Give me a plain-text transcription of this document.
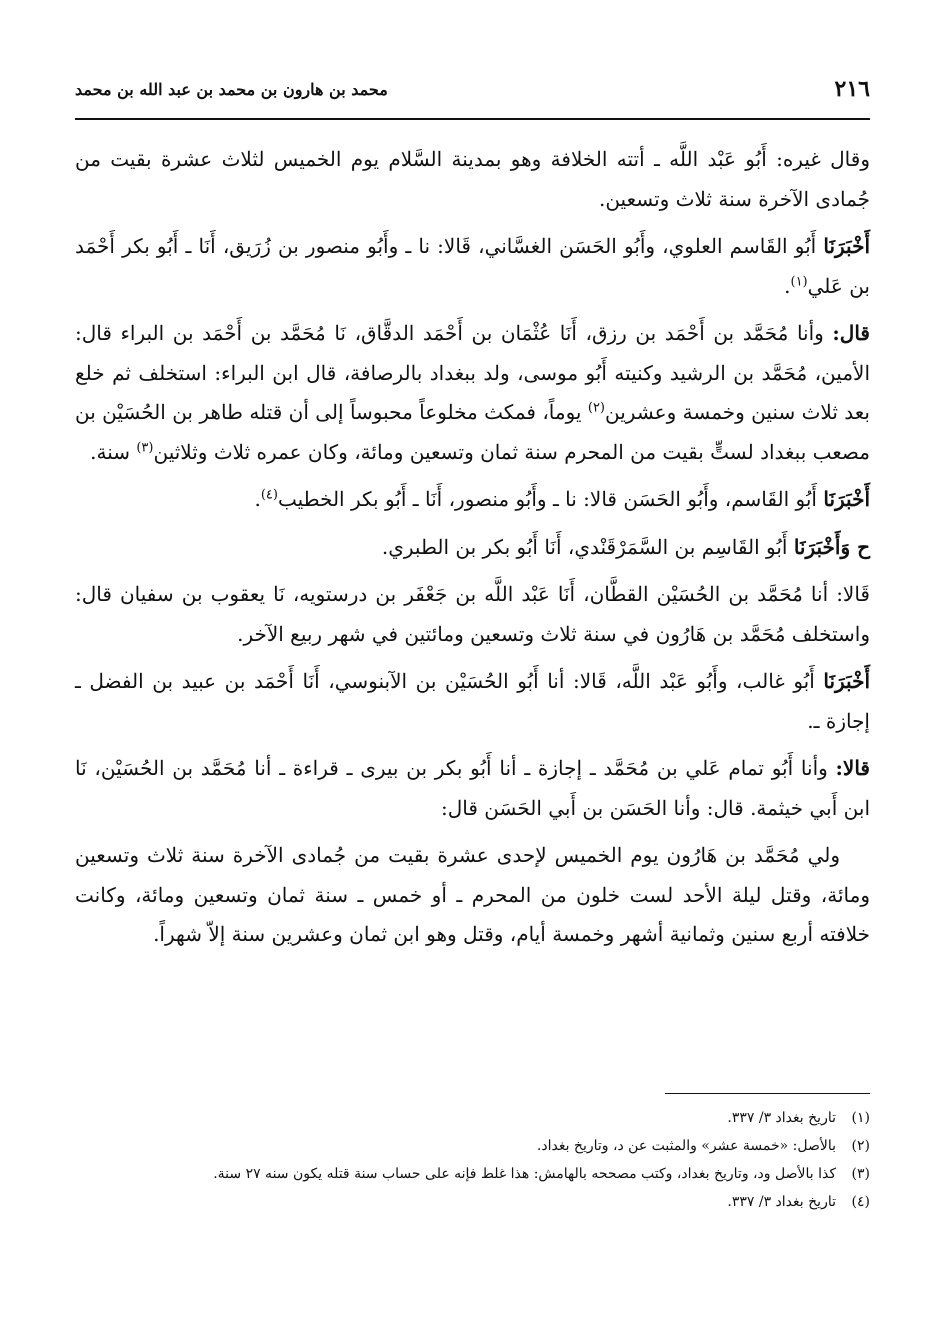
٢١٦
محمد بن هارون بن محمد بن عبد الله بن محمد

وقال غيره: أَبُو عَبْد اللَّه ـ أتته الخلافة وهو بمدينة السَّلام يوم الخميس لثلاث عشرة بقيت من جُمادى الآخرة سنة ثلاث وتسعين.

أَخْبَرَنَا أَبُو القَاسم العلوي، وأَبُو الحَسَن الغسَّاني، قَالا: نا ـ وأَبُو منصور بن زُرَيق، أَنَا ـ أَبُو بكر أَحْمَد بن عَلي$^{(١)}$.

قال: وأنا مُحَمَّد بن أَحْمَد بن رزق، أَنَا عُثْمَان بن أَحْمَد الدقَّاق، نَا مُحَمَّد بن أَحْمَد بن البراء قال: الأمين، مُحَمَّد بن الرشيد وكنيته أَبُو موسى، ولد ببغداد بالرصافة، قال ابن البراء: استخلف ثم خلع بعد ثلاث سنين وخمسة وعشرين$^{(٢)}$ يوماً، فمكث مخلوعاً محبوساً إلى أن قتله طاهر بن الحُسَيْن بن مصعب ببغداد لستٍّ بقيت من المحرم سنة ثمان وتسعين ومائة، وكان عمره ثلاث وثلاثين$^{(٣)}$ سنة.

أَخْبَرَنَا أَبُو القَاسم، وأَبُو الحَسَن قالا: نا ـ وأَبُو منصور، أَنَا ـ أَبُو بكر الخطيب$^{(٤)}$.

ح وَأَخْبَرَنَا أَبُو القَاسِم بن السَّمَرْقَنْدي، أَنَا أَبُو بكر بن الطبري.

قَالا: أنا مُحَمَّد بن الحُسَيْن القطَّان، أَنَا عَبْد اللَّه بن جَعْفَر بن درستويه، نَا يعقوب بن سفيان قال: واستخلف مُحَمَّد بن هَارُون في سنة ثلاث وتسعين ومائتين في شهر ربيع الآخر.

أَخْبَرَنَا أَبُو غالب، وأَبُو عَبْد اللَّه، قَالا: أنا أَبُو الحُسَيْن بن الآبنوسي، أَنَا أَحْمَد بن عبيد بن الفضل ـ إجازة ـ.

قالا: وأنا أَبُو تمام عَلي بن مُحَمَّد ـ إجازة ـ أنا أَبُو بكر بن بيرى ـ قراءة ـ أنا مُحَمَّد بن الحُسَيْن، نَا ابن أَبي خيثمة. قال: وأنا الحَسَن بن أَبي الحَسَن قال:

ولي مُحَمَّد بن هَارُون يوم الخميس لإحدى عشرة بقيت من جُمادى الآخرة سنة ثلاث وتسعين ومائة، وقتل ليلة الأحد لست خلون من المحرم ـ أو خمس ـ سنة ثمان وتسعين ومائة، وكانت خلافته أربع سنين وثمانية أشهر وخمسة أيام، وقتل وهو ابن ثمان وعشرين سنة إلاّ شهراً.

(١)
تاريخ بغداد ٣/ ٣٣٧.
(٢)
بالأصل: «خمسة عشر» والمثبت عن د، وتاريخ بغداد.
(٣)
كذا بالأصل ود، وتاريخ بغداد، وكتب مصححه بالهامش: هذا غلط فإنه على حساب سنة قتله يكون سنه ٢٧ سنة.
(٤)
تاريخ بغداد ٣/ ٣٣٧.
